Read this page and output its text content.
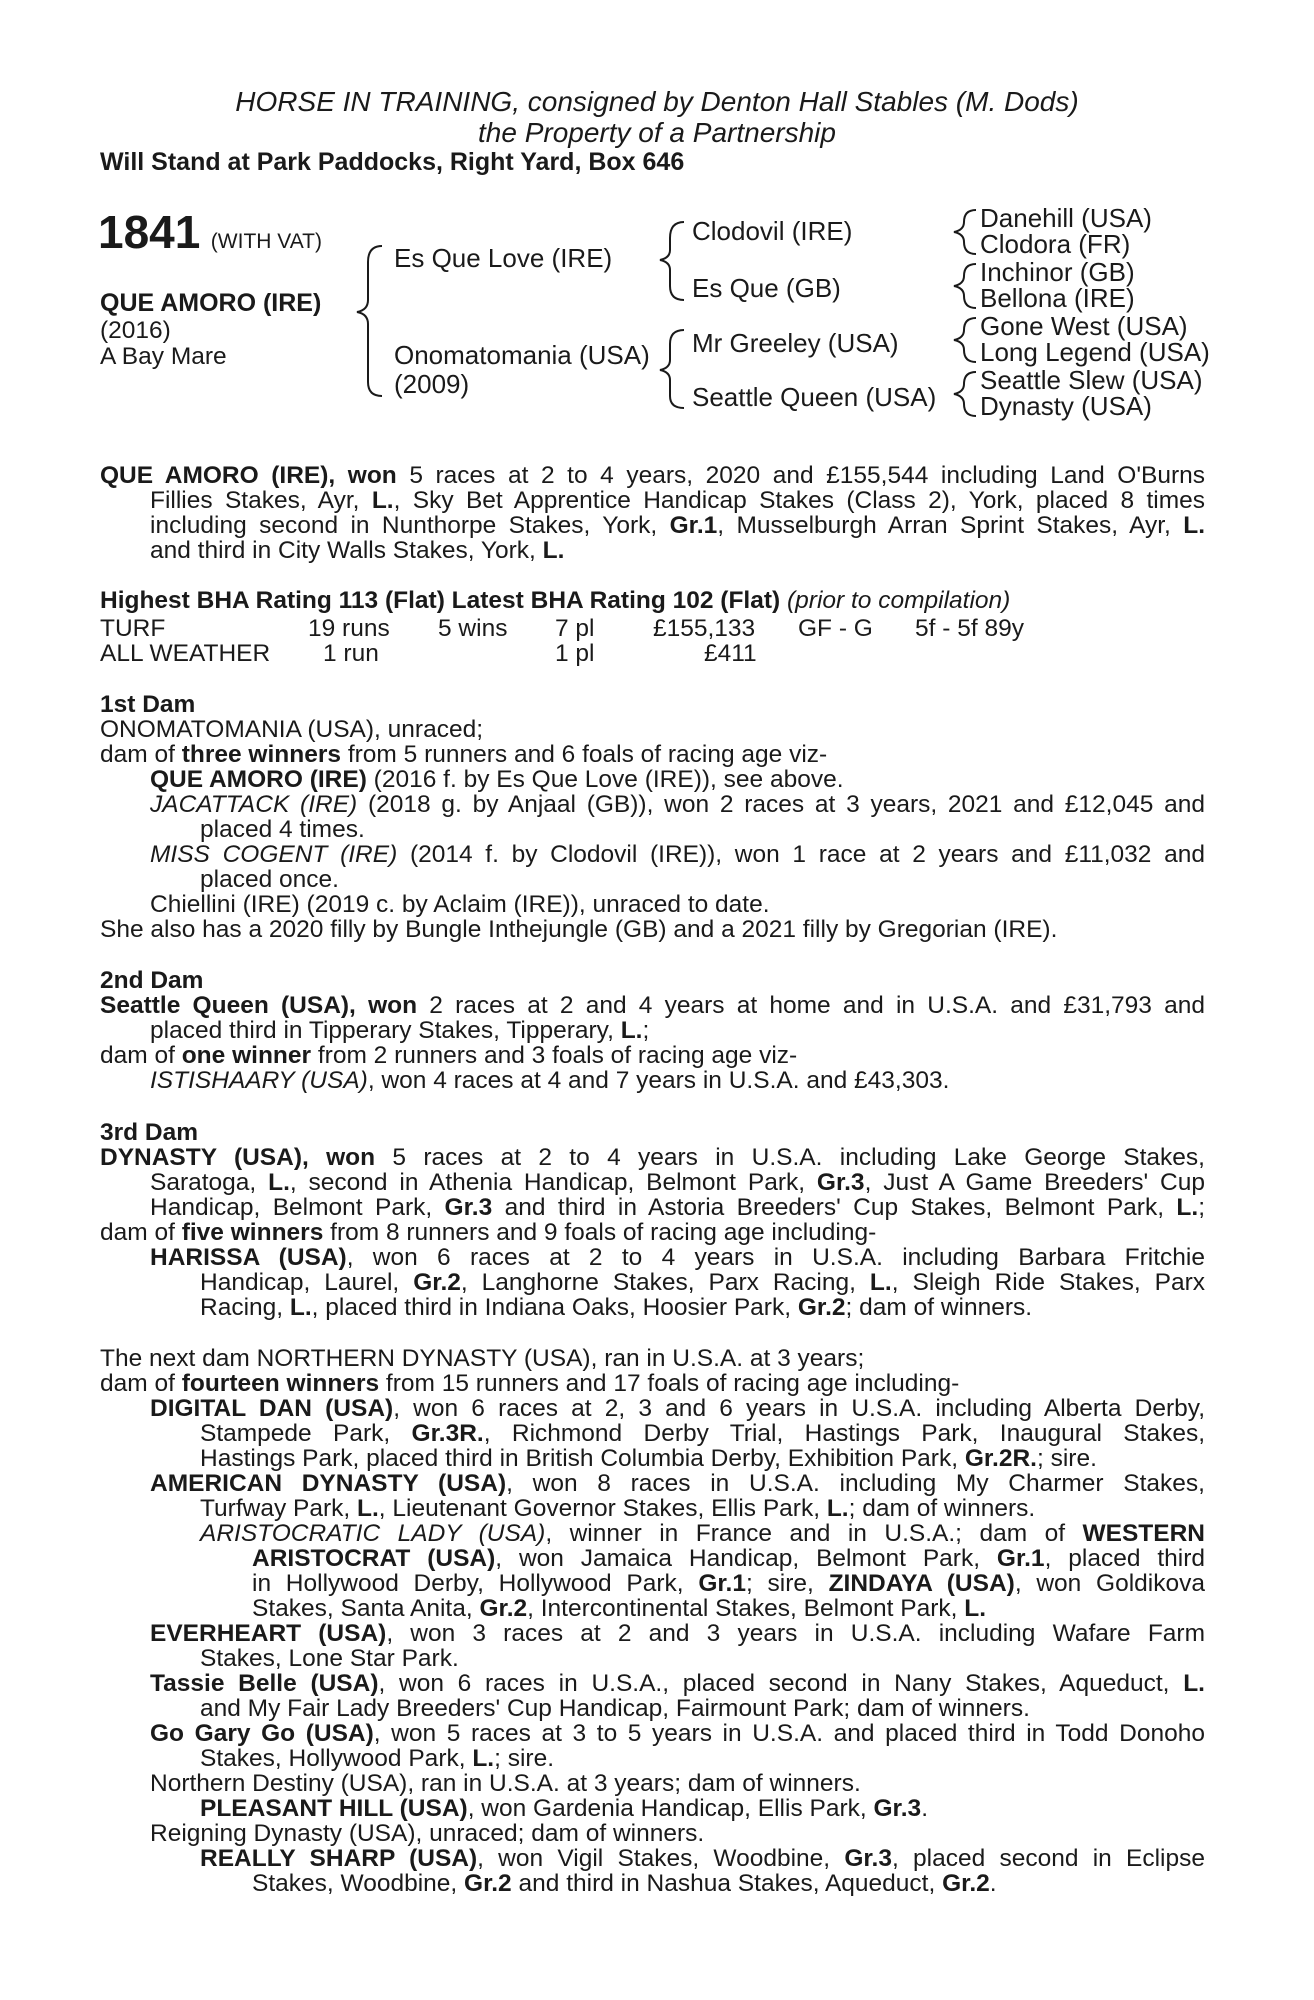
HORSE IN TRAINING, consigned by Denton Hall Stables (M. Dods)
the Property of a Partnership
Will Stand at Park Paddocks, Right Yard, Box 646
1841 (WITH VAT)
QUE AMORO (IRE)
(2016)
A Bay Mare
Es Que Love (IRE)
Onomatomania (USA)
(2009)
Clodovil (IRE)
Es Que (GB)
Mr Greeley (USA)
Seattle Queen (USA)
Danehill (USA)
Clodora (FR)
Inchinor (GB)
Bellona (IRE)
Gone West (USA)
Long Legend (USA)
Seattle Slew (USA)
Dynasty (USA)
QUE AMORO (IRE), won 5 races at 2 to 4 years, 2020 and £155,544 including Land O'Burns
Fillies Stakes, Ayr, L., Sky Bet Apprentice Handicap Stakes (Class 2), York, placed 8 times
including second in Nunthorpe Stakes, York, Gr.1, Musselburgh Arran Sprint Stakes, Ayr, L.
and third in City Walls Stakes, York, L.
Highest BHA Rating 113 (Flat) Latest BHA Rating 102 (Flat) (prior to compilation)
TURF	19 runs 5 wins 7 pl £155,133 GF - G 5f - 5f 89y
ALL WEATHER 1 run	1 pl	£411
1st Dam
ONOMATOMANIA (USA), unraced;
dam of three winners from 5 runners and 6 foals of racing age viz-
QUE AMORO (IRE) (2016 f. by Es Que Love (IRE)), see above.
JACATTACK (IRE) (2018 g. by Anjaal (GB)), won 2 races at 3 years, 2021 and £12,045 and
placed 4 times.
MISS COGENT (IRE) (2014 f. by Clodovil (IRE)), won 1 race at 2 years and £11,032 and
placed once.
Chiellini (IRE) (2019 c. by Aclaim (IRE)), unraced to date.
She also has a 2020 filly by Bungle Inthejungle (GB) and a 2021 filly by Gregorian (IRE).
2nd Dam
Seattle Queen (USA), won 2 races at 2 and 4 years at home and in U.S.A. and £31,793 and
placed third in Tipperary Stakes, Tipperary, L.;
dam of one winner from 2 runners and 3 foals of racing age viz-
ISTISHAARY (USA), won 4 races at 4 and 7 years in U.S.A. and £43,303.
3rd Dam
DYNASTY (USA), won 5 races at 2 to 4 years in U.S.A. including Lake George Stakes,
Saratoga, L., second in Athenia Handicap, Belmont Park, Gr.3, Just A Game Breeders' Cup
Handicap, Belmont Park, Gr.3 and third in Astoria Breeders' Cup Stakes, Belmont Park, L.;
dam of five winners from 8 runners and 9 foals of racing age including-
HARISSA (USA), won 6 races at 2 to 4 years in U.S.A. including Barbara Fritchie
Handicap, Laurel, Gr.2, Langhorne Stakes, Parx Racing, L., Sleigh Ride Stakes, Parx
Racing, L., placed third in Indiana Oaks, Hoosier Park, Gr.2; dam of winners.
The next dam NORTHERN DYNASTY (USA), ran in U.S.A. at 3 years;
dam of fourteen winners from 15 runners and 17 foals of racing age including-
DIGITAL DAN (USA), won 6 races at 2, 3 and 6 years in U.S.A. including Alberta Derby,
Stampede Park, Gr.3R., Richmond Derby Trial, Hastings Park, Inaugural Stakes,
Hastings Park, placed third in British Columbia Derby, Exhibition Park, Gr.2R.; sire.
AMERICAN DYNASTY (USA), won 8 races in U.S.A. including My Charmer Stakes,
Turfway Park, L., Lieutenant Governor Stakes, Ellis Park, L.; dam of winners.
ARISTOCRATIC LADY (USA), winner in France and in U.S.A.; dam of WESTERN
ARISTOCRAT (USA), won Jamaica Handicap, Belmont Park, Gr.1, placed third
in Hollywood Derby, Hollywood Park, Gr.1; sire, ZINDAYA (USA), won Goldikova
Stakes, Santa Anita, Gr.2, Intercontinental Stakes, Belmont Park, L.
EVERHEART (USA), won 3 races at 2 and 3 years in U.S.A. including Wafare Farm
Stakes, Lone Star Park.
Tassie Belle (USA), won 6 races in U.S.A., placed second in Nany Stakes, Aqueduct, L.
and My Fair Lady Breeders' Cup Handicap, Fairmount Park; dam of winners.
Go Gary Go (USA), won 5 races at 3 to 5 years in U.S.A. and placed third in Todd Donoho
Stakes, Hollywood Park, L.; sire.
Northern Destiny (USA), ran in U.S.A. at 3 years; dam of winners.
PLEASANT HILL (USA), won Gardenia Handicap, Ellis Park, Gr.3.
Reigning Dynasty (USA), unraced; dam of winners.
REALLY SHARP (USA), won Vigil Stakes, Woodbine, Gr.3, placed second in Eclipse
Stakes, Woodbine, Gr.2 and third in Nashua Stakes, Aqueduct, Gr.2.
